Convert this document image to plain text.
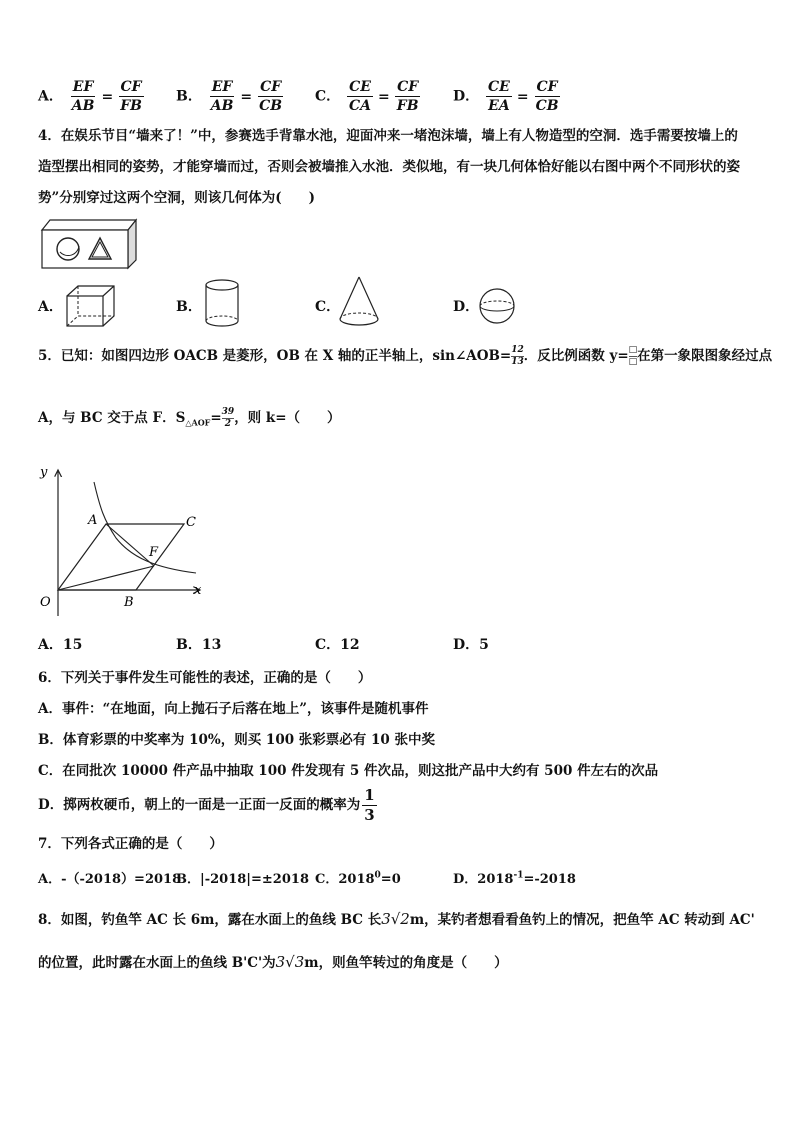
A． $\frac{EF}{AB} = \frac{CF}{FB}$ B． $\frac{EF}{AB} = \frac{CF}{CB}$ C． $\frac{CE}{CA} = \frac{CF}{FB}$ D． $\frac{CE}{EA} = \frac{CF}{CB}$
4．在娱乐节目“墙来了！”中，参赛选手背靠水池，迎面冲来一堵泡沫墙，墙上有人物造型的空洞．选手需要按墙上的
造型摆出相同的姿势，才能穿墙而过，否则会被墙推入水池．类似地，有一块几何体恰好能以右图中两个不同形状的姿
势”分别穿过这两个空洞，则该几何体为(　　)
A．	B．	C．	D．
5．已知：如图四边形 OACB 是菱形，OB 在 X 轴的正半轴上，sin∠AOB= $\frac{12}{13}$ ．反比例函数 y= □
□ 在第一象限图象经过点
A，与 BC 交于点 F．$S_{\triangle AOF}= \frac{39}{2}$ ，则 k=（　　）
y
x
O
A
B
C
F
A．15	B．13	C．12	D．5
6．下列关于事件发生可能性的表述，正确的是（　　）
A．事件：“在地面，向上抛石子后落在地上”，该事件是随机事件
B．体育彩票的中奖率为 10%，则买 100 张彩票必有 10 张中奖
C．在同批次 10000 件产品中抽取 100 件发现有 5 件次品，则这批产品中大约有 500 件左右的次品
D．掷两枚硬币，朝上的一面是一正面一反面的概率为 $\frac{1}{3}$
7．下列各式正确的是（　　）
A．-（-2018）=2018
B．|-2018|=±2018 C．$2018^0=0$	D．$2018^{-1}=-2018$
8．如图，钓鱼竿 AC 长 6m，露在水面上的鱼线 BC 长3√2m，某钓者想看看鱼钓上的情况，把鱼竿 AC 转动到 AC'
的位置，此时露在水面上的鱼线 B'C'为3√3m，则鱼竿转过的角度是（　　）
